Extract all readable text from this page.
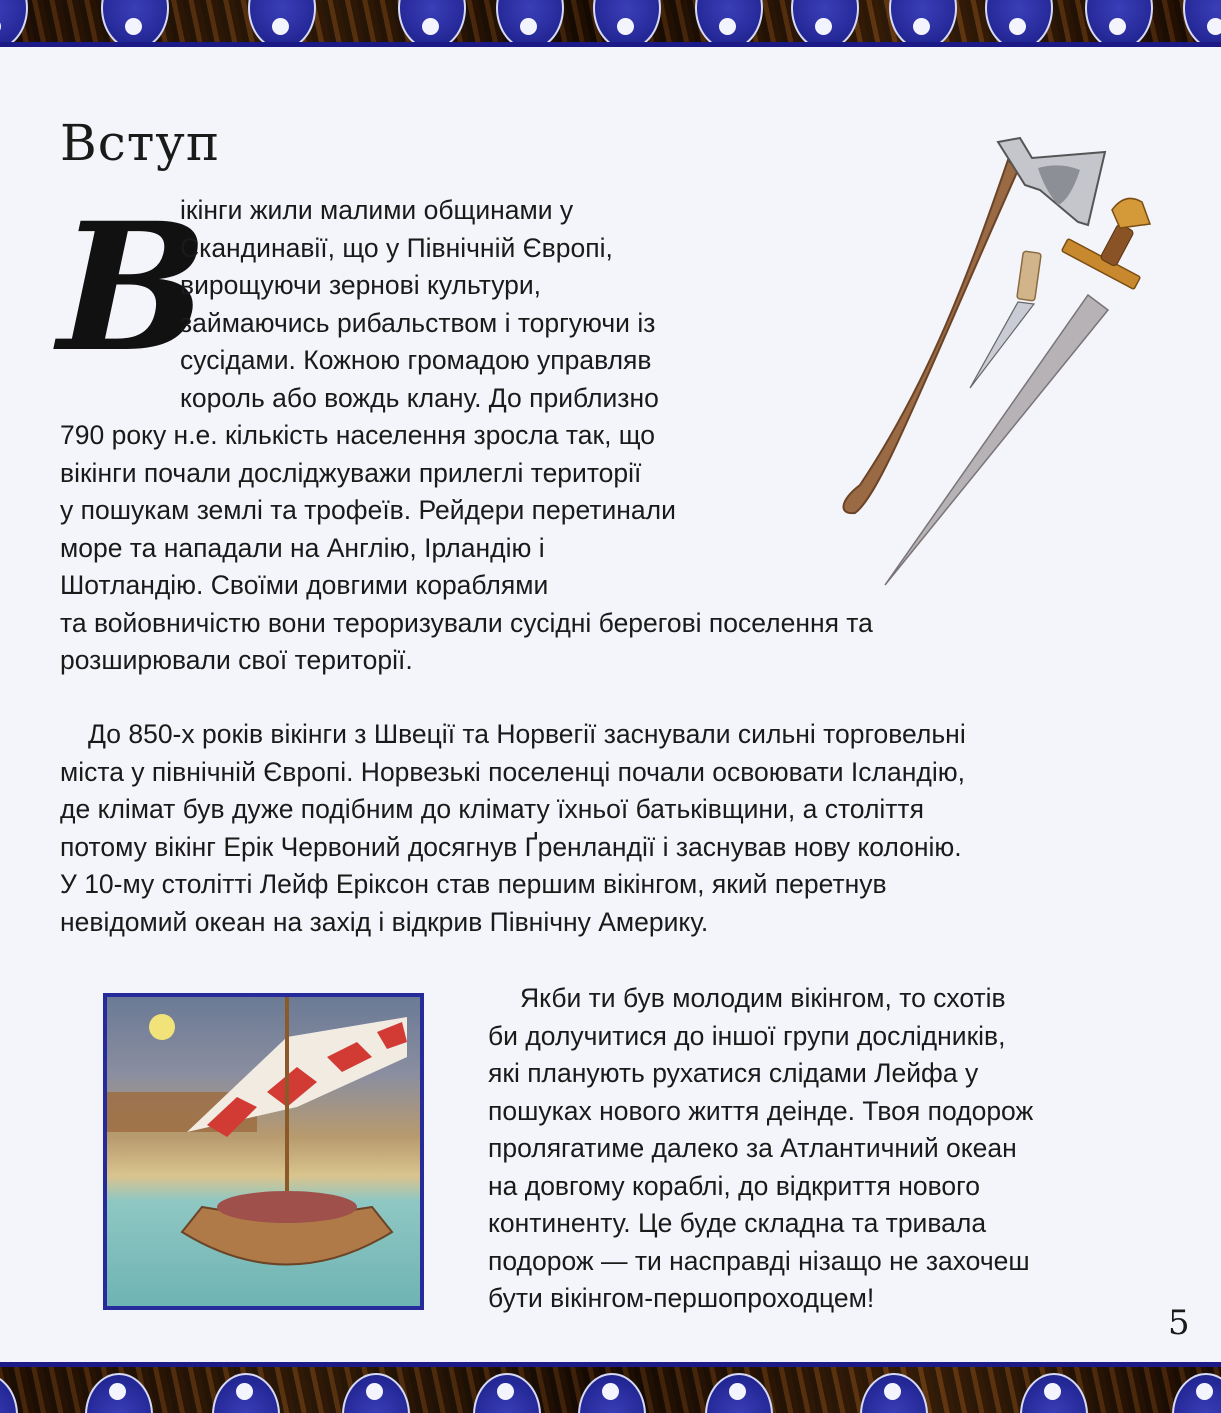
Вступ
В
ікінги жили малими общинами у
Скандинавії, що у Північній Європі,
вирощуючи зернові культури,
займаючись рибальством і торгуючи із
сусідами. Кожною громадою управляв
король або вождь клану. До приблизно
790 року н.е. кількість населення зросла так, що
вікінги почали досліджувaжи прилеглі території
у пошукам землі та трофеїв. Рейдери перетинали
море та нападали на Англію, Ірландію і
Шотландію. Своїми довгими кораблями
та войовничістю вони тероризували сусідні берегові поселення та
розширювали свої території.
До 850-х років вікінги з Швеції та Норвегії заснували сильні торговельні
міста у північній Європі. Норвезькі поселенці почали освоювати Ісландію,
де клімат був дуже подібним до клімату їхньої батьківщини, а століття
потому вікінг Ерік Червоний досягнув Ґренландії і заснував нову колонію.
У 10-му столітті Лейф Еріксон став першим вікінгом, який перетнув
невідомий океан на захід і відкрив Північну Америку.
Якби ти був молодим вікінгом, то схотів
би долучитися до іншої групи дослідників,
які планують рухатися слідами Лейфа у
пошуках нового життя деінде. Твоя подорож
пролягатиме далеко за Атлантичний океан
на довгому кораблі, до відкриття нового
континенту. Це буде складна та тривала
подорож — ти насправді нізащо не захочеш
бути вікінгом-першопроходцем!
5
